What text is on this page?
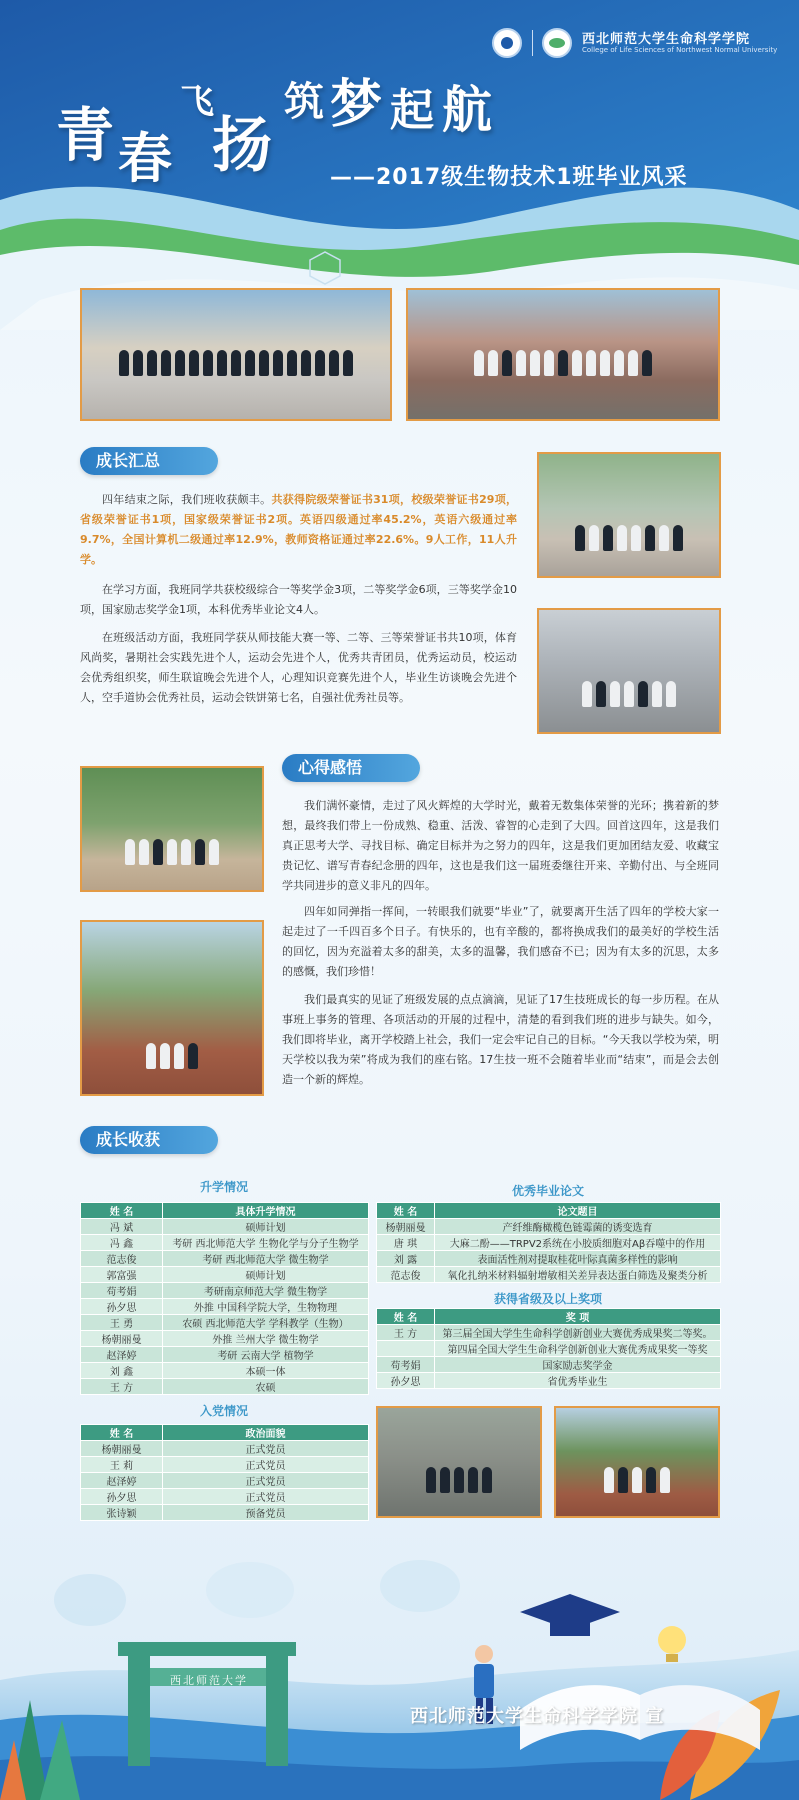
西北师范大学生命科学学院
College of Life Sciences of Northwest Normal University
青 春
飞
扬
筑 梦 起 航
——2017级生物技术1班毕业风采
成长汇总

四年结束之际，我们班收获颇丰。共获得院级荣誉证书31项，校级荣誉证书29项，省级荣誉证书1项，国家级荣誉证书2项。英语四级通过率45.2%，英语六级通过率9.7%，全国计算机二级通过率12.9%，教师资格证通过率22.6%。9人工作，11人升学。

在学习方面，我班同学共获校级综合一等奖学金3项，二等奖学金6项，三等奖学金10项，国家励志奖学金1项，本科优秀毕业论文4人。

在班级活动方面，我班同学获从师技能大赛一等、二等、三等荣誉证书共10项，体育风尚奖，暑期社会实践先进个人，运动会先进个人，优秀共青团员，优秀运动员，校运动会优秀组织奖，师生联谊晚会先进个人，心理知识竞赛先进个人，毕业生访谈晚会先进个人，空手道协会优秀社员，运动会铁饼第七名，自强社优秀社员等。

心得感悟

我们满怀豪情，走过了风火辉煌的大学时光，戴着无数集体荣誉的光环；携着新的梦想，最终我们带上一份成熟、稳重、活泼、睿智的心走到了大四。回首这四年，这是我们真正思考大学、寻找目标、确定目标并为之努力的四年，这是我们更加团结友爱、收藏宝贵记忆、谱写青春纪念册的四年，这也是我们这一届班委继往开来、辛勤付出、与全班同学共同进步的意义非凡的四年。

四年如同弹指一挥间，一转眼我们就要“毕业”了，就要离开生活了四年的学校大家一起走过了一千四百多个日子。有快乐的，也有辛酸的，都将换成我们的最美好的学校生活的回忆，因为充溢着太多的甜美，太多的温馨，我们感奋不已；因为有太多的沉思，太多的感慨，我们珍惜！

我们最真实的见证了班级发展的点点滴滴，见证了17生技班成长的每一步历程。在从事班上事务的管理、各项活动的开展的过程中，清楚的看到我们班的进步与缺失。如今，我们即将毕业，离开学校踏上社会，我们一定会牢记自己的目标。“今天我以学校为荣，明天学校以我为荣”将成为我们的座右铭。17生技一班不会随着毕业而“结束”，而是会去创造一个新的辉煌。

成长收获
升学情况
姓 名	具体升学情况
冯 斌	硕师计划
冯 鑫	考研 西北师范大学 生物化学与分子生物学
范志俊	考研 西北师范大学 微生物学
郭富强	硕师计划
苟考娟	考研南京师范大学 微生物学
孙夕思	外推 中国科学院大学，生物物理
王 勇	农硕 西北师范大学 学科教学（生物）
杨朝丽曼	外推 兰州大学 微生物学
赵泽婷	考研 云南大学 植物学
刘 鑫	本硕一体
王 方	农硕
优秀毕业论文
姓 名	论文题目
杨朝丽曼	产纤维酶橄榄色链霉菌的诱变选育
唐 琪	大麻二酚——TRPV2系统在小胶质细胞对Aβ吞噬中的作用
刘 露	表面活性剂对提取桂花叶际真菌多样性的影响
范志俊	氧化扎纳米材料辐射增敏相关差异表达蛋白筛选及聚类分析
获得省级及以上奖项
姓 名	奖 项
王 方	第三届全国大学生生命科学创新创业大赛优秀成果奖二等奖。
	第四届全国大学生生命科学创新创业大赛优秀成果奖一等奖
苟考娟	国家励志奖学金
孙夕思	省优秀毕业生
入党情况
姓 名	政治面貌
杨朝丽曼	正式党员
王 莉	正式党员
赵泽婷	正式党员
孙夕思	正式党员
张诗颖	预备党员
西北师范大学
西北师范大学生命科学学院 宣
